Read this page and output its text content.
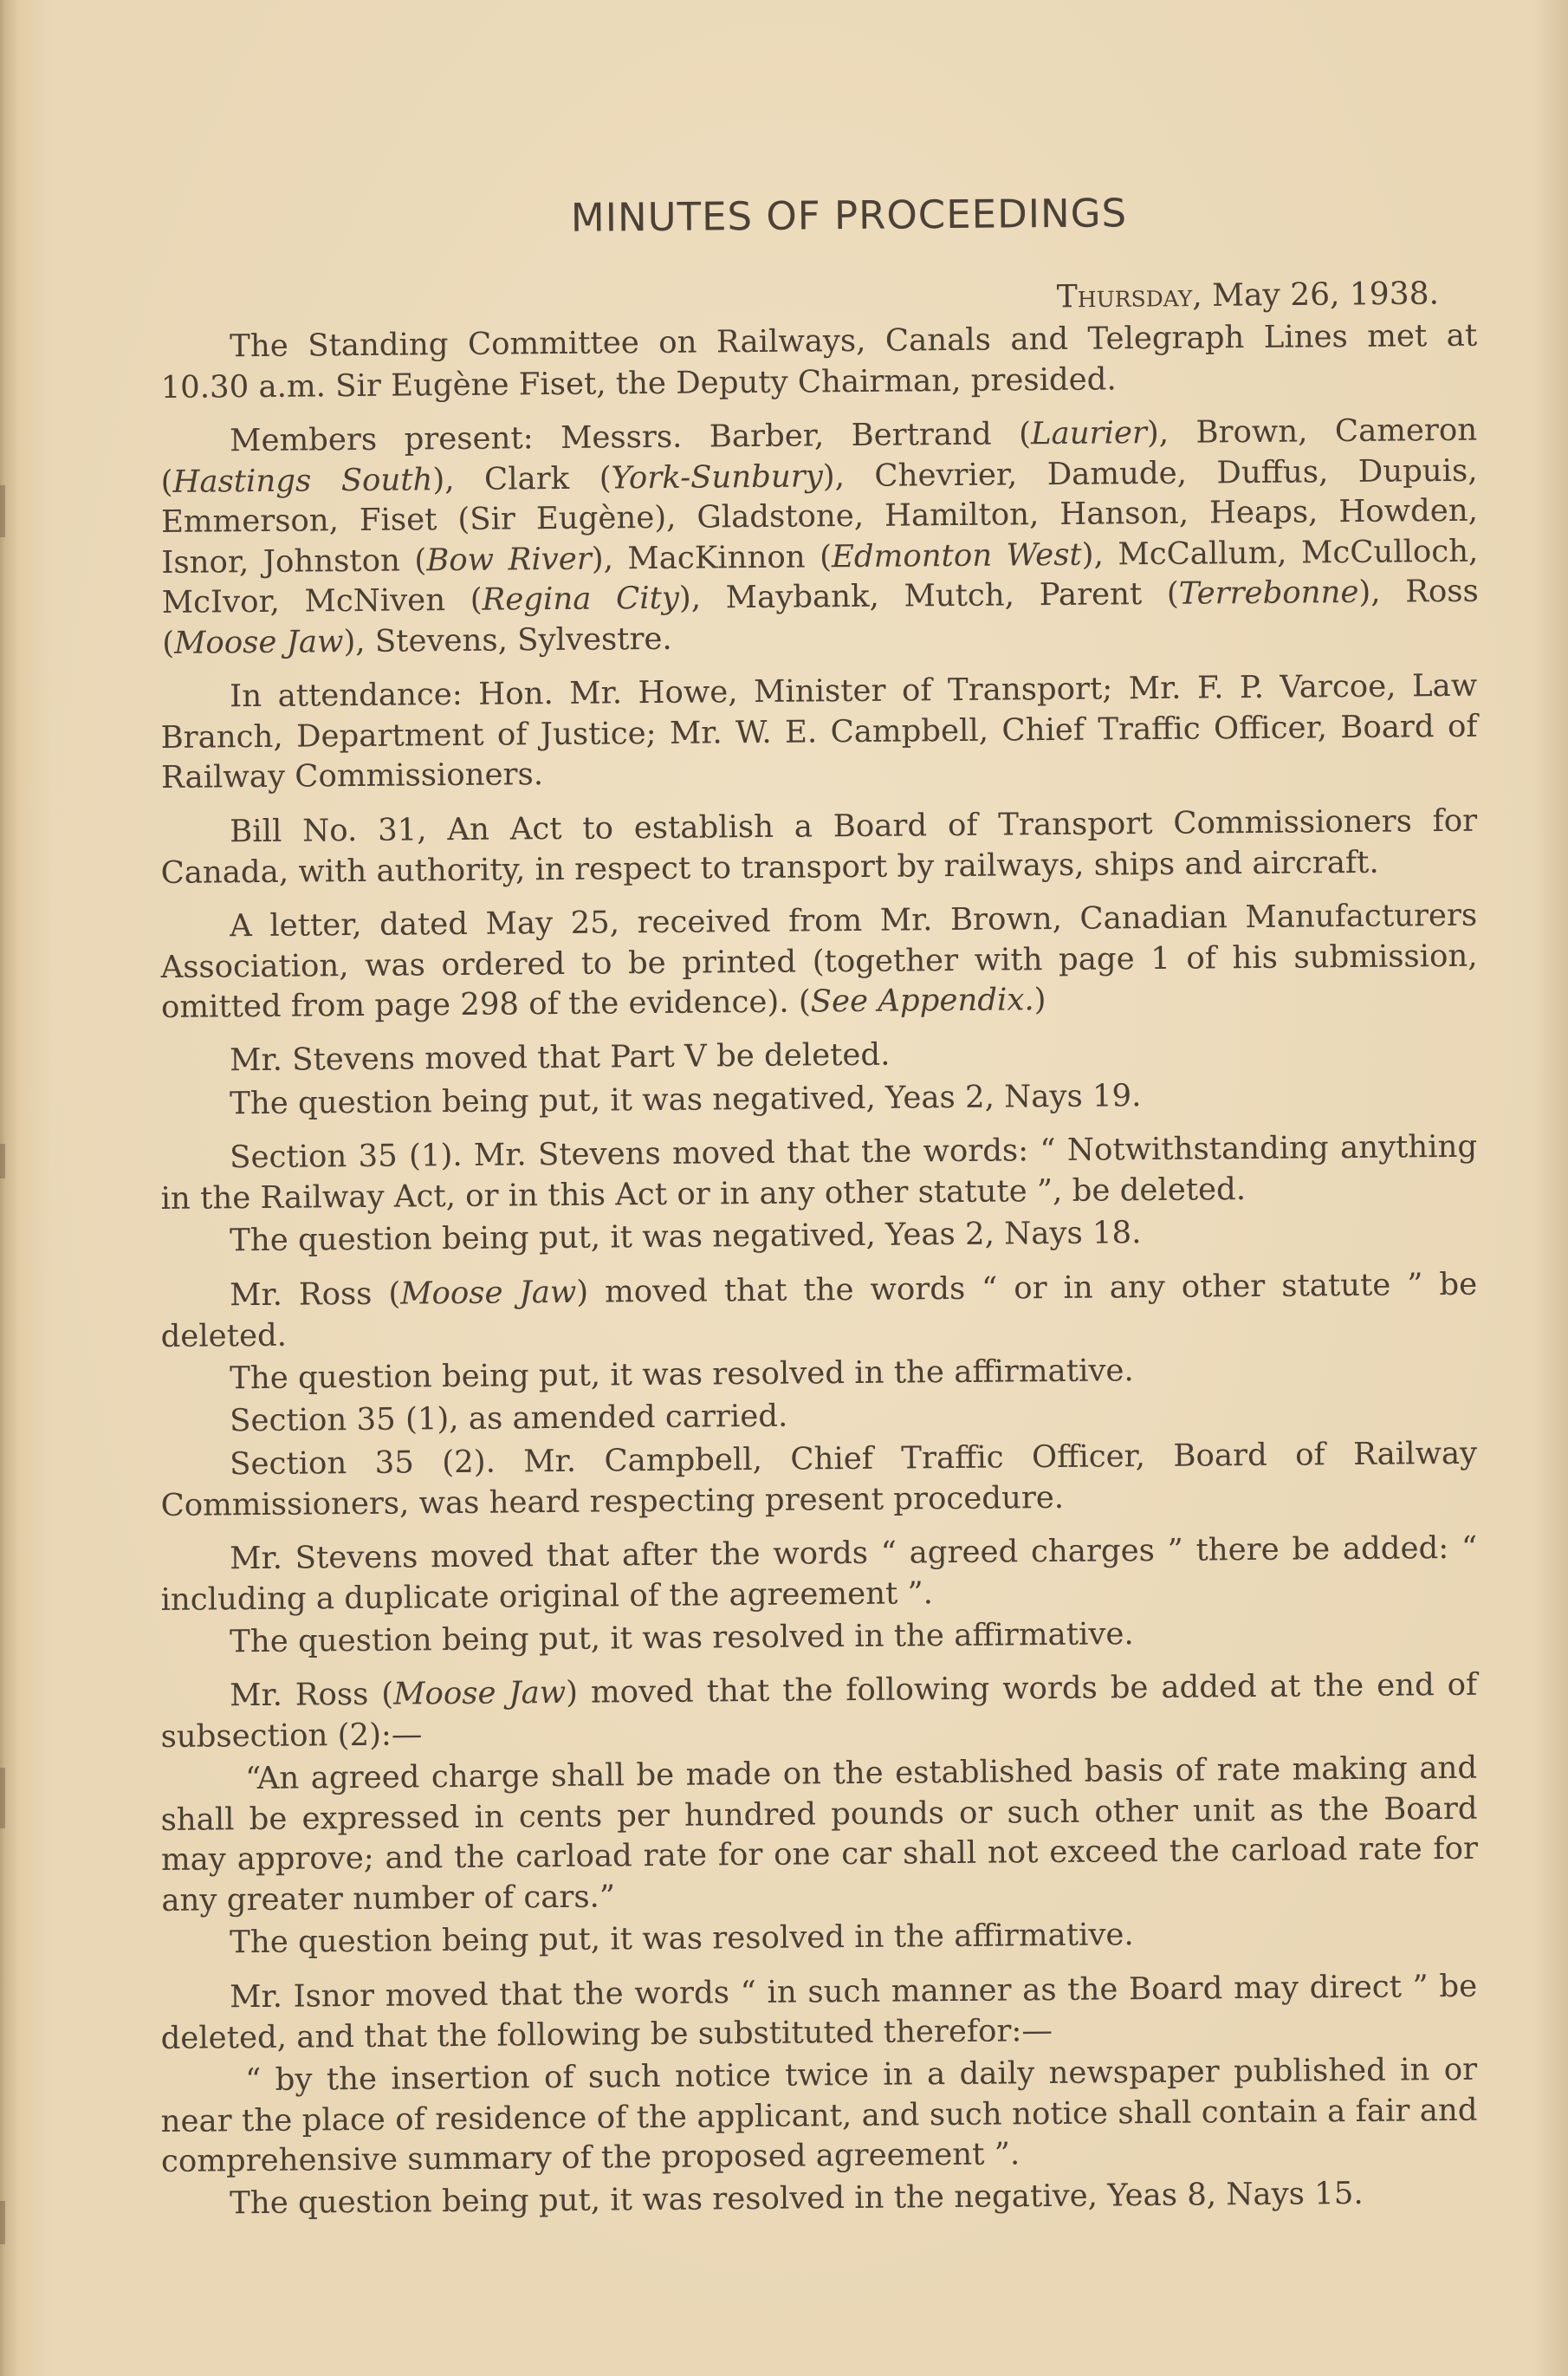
MINUTES OF PROCEEDINGS
Thursday, May 26, 1938.

The Standing Committee on Railways, Canals and Telegraph Lines met at 10.30 a.m. Sir Eugène Fiset, the Deputy Chairman, presided.

Members present: Messrs. Barber, Bertrand (Laurier), Brown, Cameron (Hastings South), Clark (York-Sunbury), Chevrier, Damude, Duffus, Dupuis, Emmerson, Fiset (Sir Eugène), Gladstone, Hamilton, Hanson, Heaps, Howden, Isnor, Johnston (Bow River), MacKinnon (Edmonton West), McCallum, McCulloch, McIvor, McNiven (Regina City), Maybank, Mutch, Parent (Terrebonne), Ross (Moose Jaw), Stevens, Sylvestre.

In attendance: Hon. Mr. Howe, Minister of Transport; Mr. F. P. Varcoe, Law Branch, Department of Justice; Mr. W. E. Campbell, Chief Traffic Officer, Board of Railway Commissioners.

Bill No. 31, An Act to establish a Board of Transport Commissioners for Canada, with authority, in respect to transport by railways, ships and aircraft.

A letter, dated May 25, received from Mr. Brown, Canadian Manufacturers Association, was ordered to be printed (together with page 1 of his submission, omitted from page 298 of the evidence). (See Appendix.)

Mr. Stevens moved that Part V be deleted.

The question being put, it was negatived, Yeas 2, Nays 19.

Section 35 (1). Mr. Stevens moved that the words: “ Notwithstanding anything in the Railway Act, or in this Act or in any other statute ”, be deleted.

The question being put, it was negatived, Yeas 2, Nays 18.

Mr. Ross (Moose Jaw) moved that the words “ or in any other statute ” be deleted.

The question being put, it was resolved in the affirmative.

Section 35 (1), as amended carried.

Section 35 (2). Mr. Campbell, Chief Traffic Officer, Board of Railway Commissioners, was heard respecting present procedure.

Mr. Stevens moved that after the words “ agreed charges ” there be added: “ including a duplicate original of the agreement ”.

The question being put, it was resolved in the affirmative.

Mr. Ross (Moose Jaw) moved that the following words be added at the end of subsection (2):—

“An agreed charge shall be made on the established basis of rate making and shall be expressed in cents per hundred pounds or such other unit as the Board may approve; and the carload rate for one car shall not exceed the carload rate for any greater number of cars.”

The question being put, it was resolved in the affirmative.

Mr. Isnor moved that the words “ in such manner as the Board may direct ” be deleted, and that the following be substituted therefor:—

“ by the insertion of such notice twice in a daily newspaper published in or near the place of residence of the applicant, and such notice shall contain a fair and comprehensive summary of the proposed agreement ”.

The question being put, it was resolved in the negative, Yeas 8, Nays 15.
